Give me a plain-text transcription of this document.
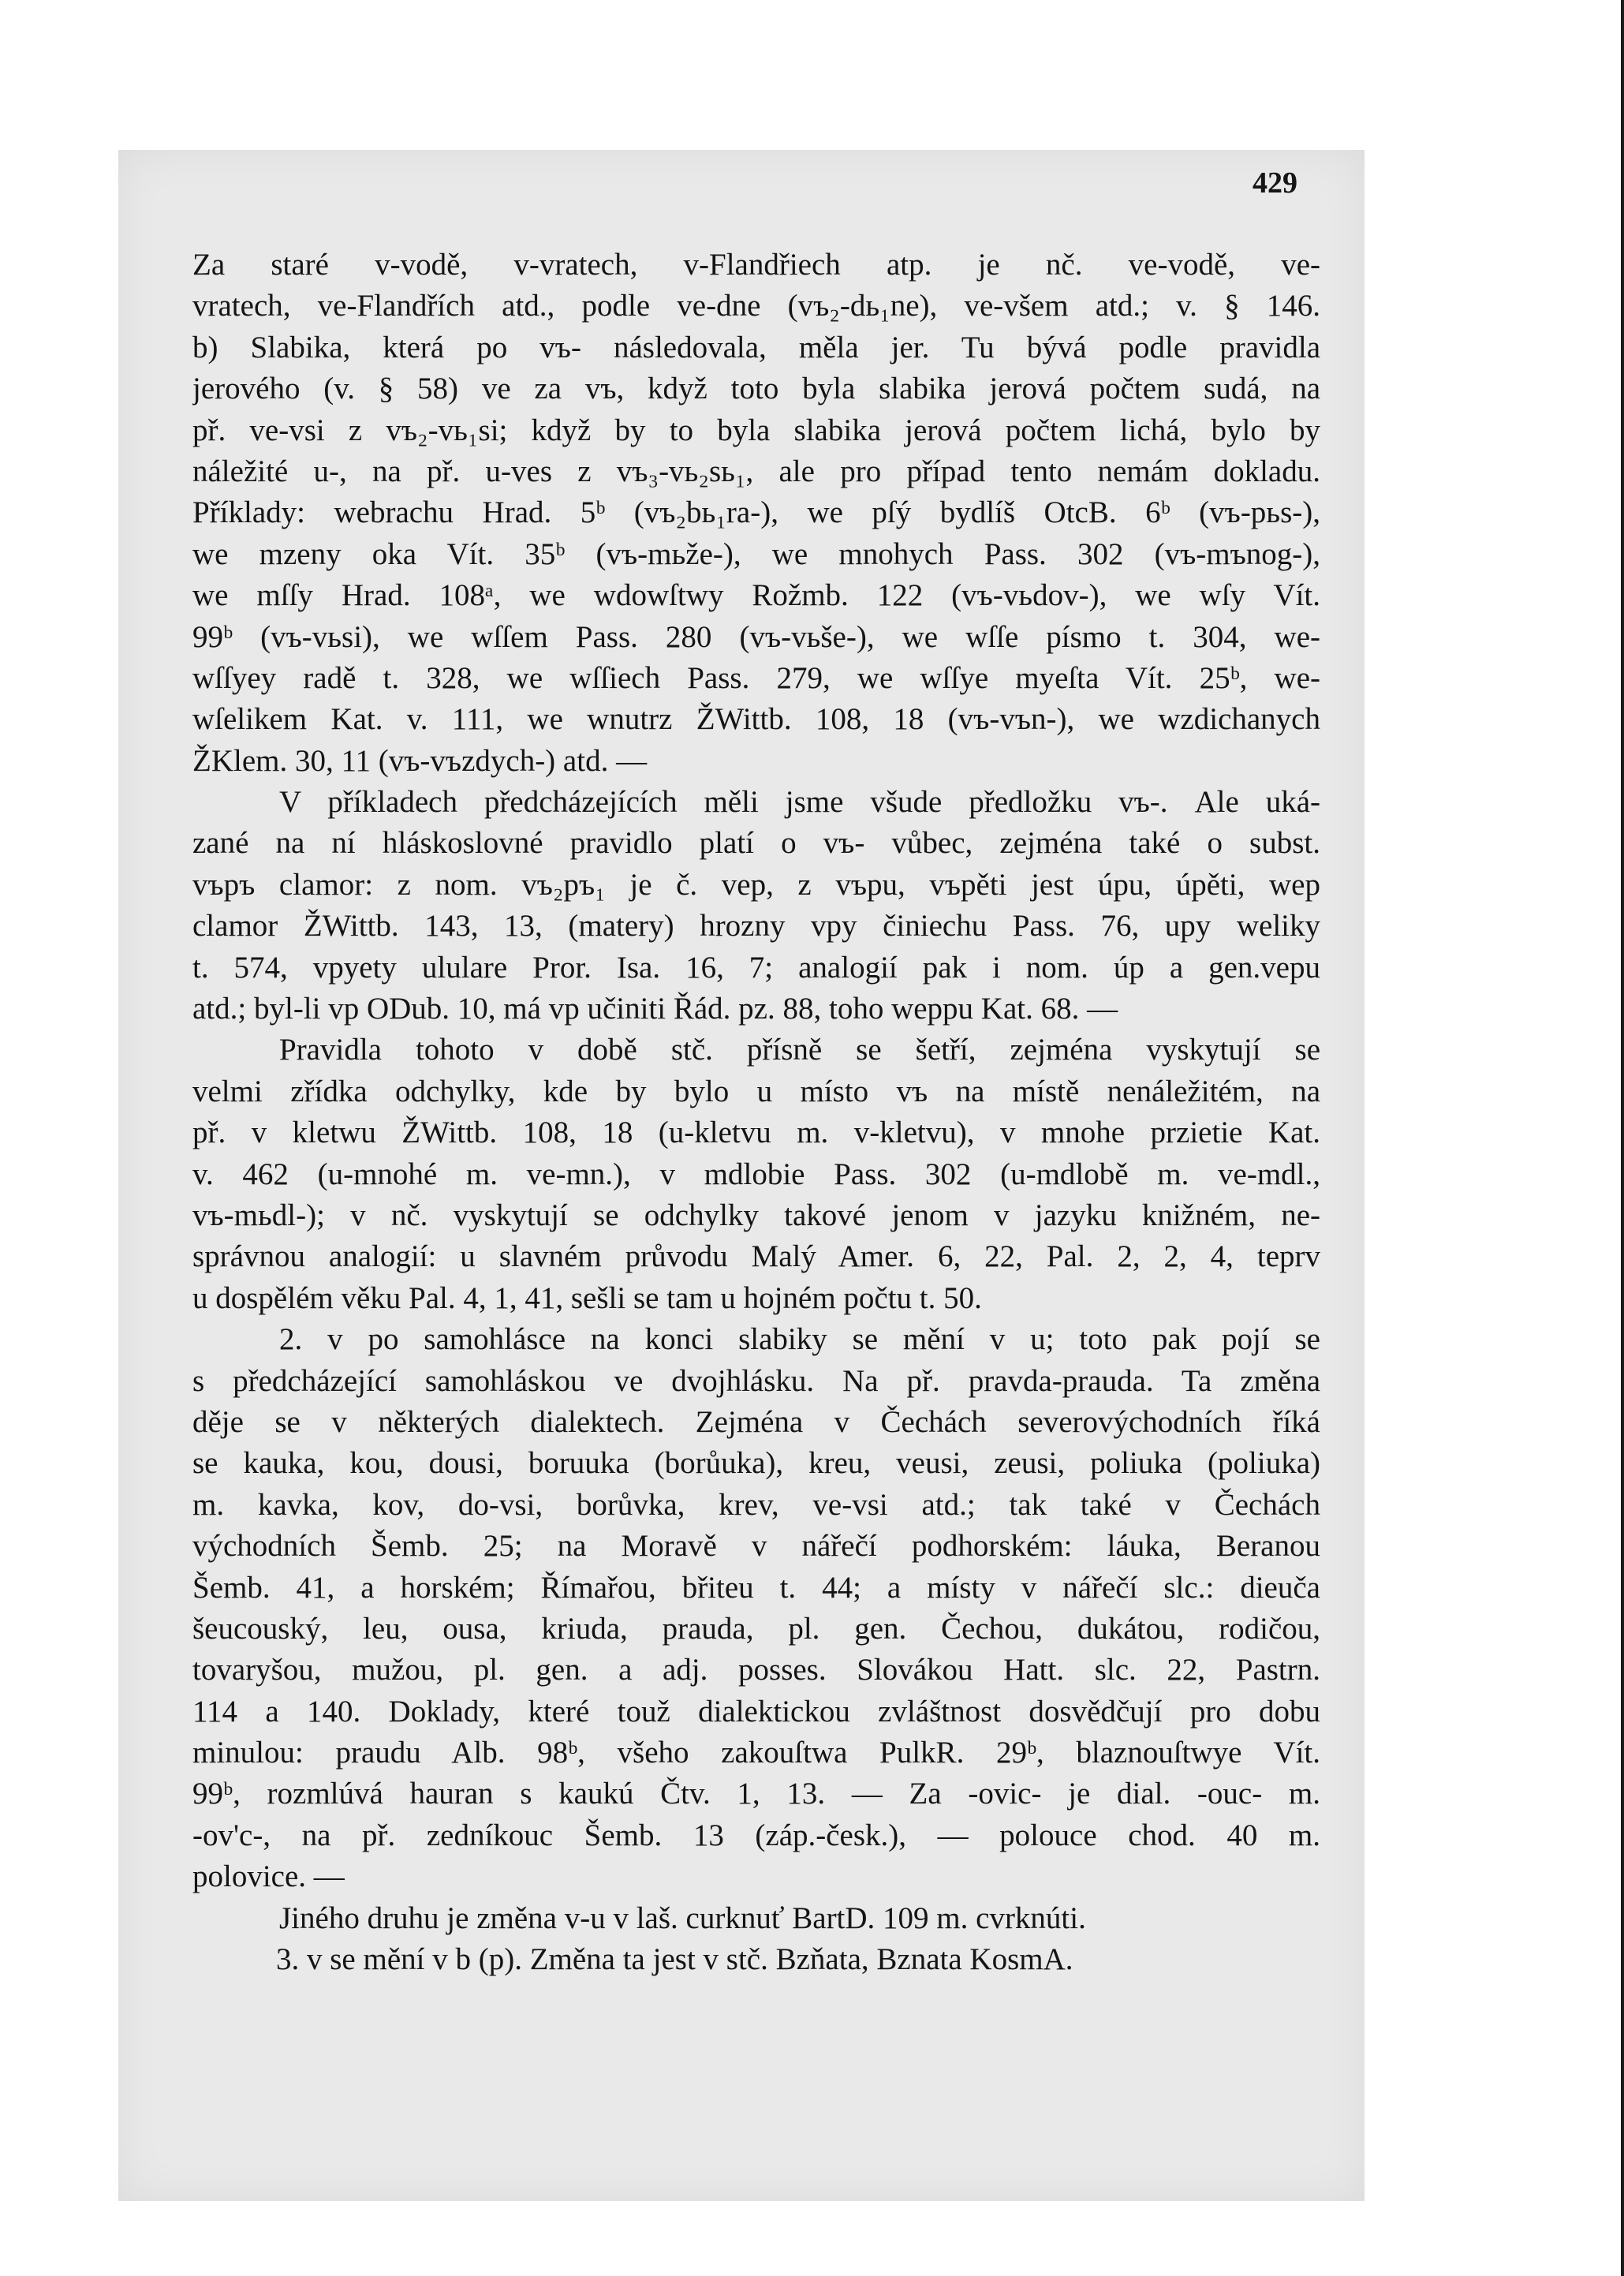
429
Za staré v-vodě, v-vratech, v-Flandřiech atp. je nč. ve-vodě, ve-
vratech, ve-Flandřích atd., podle ve-dne (vъ₂-dь₁ne), ve-všem atd.; v. § 146.
b) Slabika, která po vъ- následovala, měla jer. Tu bývá podle pravidla
jerového (v. § 58) ve za vъ, když toto byla slabika jerová počtem sudá, na
př. ve-vsi z vъ₂-vь₁si; když by to byla slabika jerová počtem lichá, bylo by
náležité u-, na př. u-ves z vъ₃-vь₂sь₁, ale pro případ tento nemám dokladu.
Příklady: webrachu Hrad. 5ᵇ (vъ₂bь₁ra-), we pſý bydlíš OtcB. 6ᵇ (vъ-pьs-),
we mzeny oka Vít. 35ᵇ (vъ-mьže-), we mnohych Pass. 302 (vъ-mъnog-),
we mſſy Hrad. 108ᵃ, we wdowſtwy Rožmb. 122 (vъ-vьdov-), we wſy Vít.
99ᵇ (vъ-vьsi), we wſſem Pass. 280 (vъ-vьše-), we wſſe písmo t. 304, we-
wſſyey radě t. 328, we wſſiech Pass. 279, we wſſye myeſta Vít. 25ᵇ, we-
wſelikem Kat. v. 111, we wnutrz ŽWittb. 108, 18 (vъ-vъn-), we wzdichanych
ŽKlem. 30, 11 (vъ-vъzdych-) atd. —
V příkladech předcházejících měli jsme všude předložku vъ-. Ale uká-
zané na ní hláskoslovné pravidlo platí o vъ- vůbec, zejména také o subst.
vъpъ clamor: z nom. vъ₂pъ₁ je č. vep, z vъpu, vъpěti jest úpu, úpěti, wep
clamor ŽWittb. 143, 13, (matery) hrozny vpy činiechu Pass. 76, upy weliky
t. 574, vpyety ululare Pror. Isa. 16, 7; analogií pak i nom. úp a gen.vepu
atd.; byl-li vp ODub. 10, má vp učiniti Řád. pz. 88, toho weppu Kat. 68. —
Pravidla tohoto v době stč. přísně se šetří, zejména vyskytují se
velmi zřídka odchylky, kde by bylo u místo vъ na místě nenáležitém, na
př. v kletwu ŽWittb. 108, 18 (u-kletvu m. v-kletvu), v mnohe przietie Kat.
v. 462 (u-mnohé m. ve-mn.), v mdlobie Pass. 302 (u-mdlobě m. ve-mdl.,
vъ-mьdl-); v nč. vyskytují se odchylky takové jenom v jazyku knižném, ne-
správnou analogií: u slavném průvodu Malý Amer. 6, 22, Pal. 2, 2, 4, teprv
u dospělém věku Pal. 4, 1, 41, sešli se tam u hojném počtu t. 50.
2. v po samohlásce na konci slabiky se mění v u; toto pak pojí se
s předcházející samohláskou ve dvojhlásku. Na př. pravda-prauda. Ta změna
děje se v některých dialektech. Zejména v Čechách severovýchodních říká
se kauka, kou, dousi, boruuka (borůuka), kreu, veusi, zeusi, poliuka (poliuka)
m. kavka, kov, do-vsi, borůvka, krev, ve-vsi atd.; tak také v Čechách
východních Šemb. 25; na Moravě v nářečí podhorském: láuka, Beranou
Šemb. 41, a horském; Římařou, břiteu t. 44; a místy v nářečí slc.: dieuča
šeucouský, leu, ousa, kriuda, prauda, pl. gen. Čechou, dukátou, rodičou,
tovaryšou, mužou, pl. gen. a adj. posses. Slovákou Hatt. slc. 22, Pastrn.
114 a 140. Doklady, které touž dialektickou zvláštnost dosvědčují pro dobu
minulou: praudu Alb. 98ᵇ, všeho zakouſtwa PulkR. 29ᵇ, blaznouſtwye Vít.
99ᵇ, rozmlúvá hauran s kaukú Čtv. 1, 13. — Za -ovic- je dial. -ouc- m.
-ov'c-, na př. zedníkouc Šemb. 13 (záp.-česk.), — polouce chod. 40 m.
polovice. —
Jiného druhu je změna v-u v laš. curknuť BartD. 109 m. cvrknúti.
3. v se mění v b (p). Změna ta jest v stč. Bzňata, Bznata KosmA.
